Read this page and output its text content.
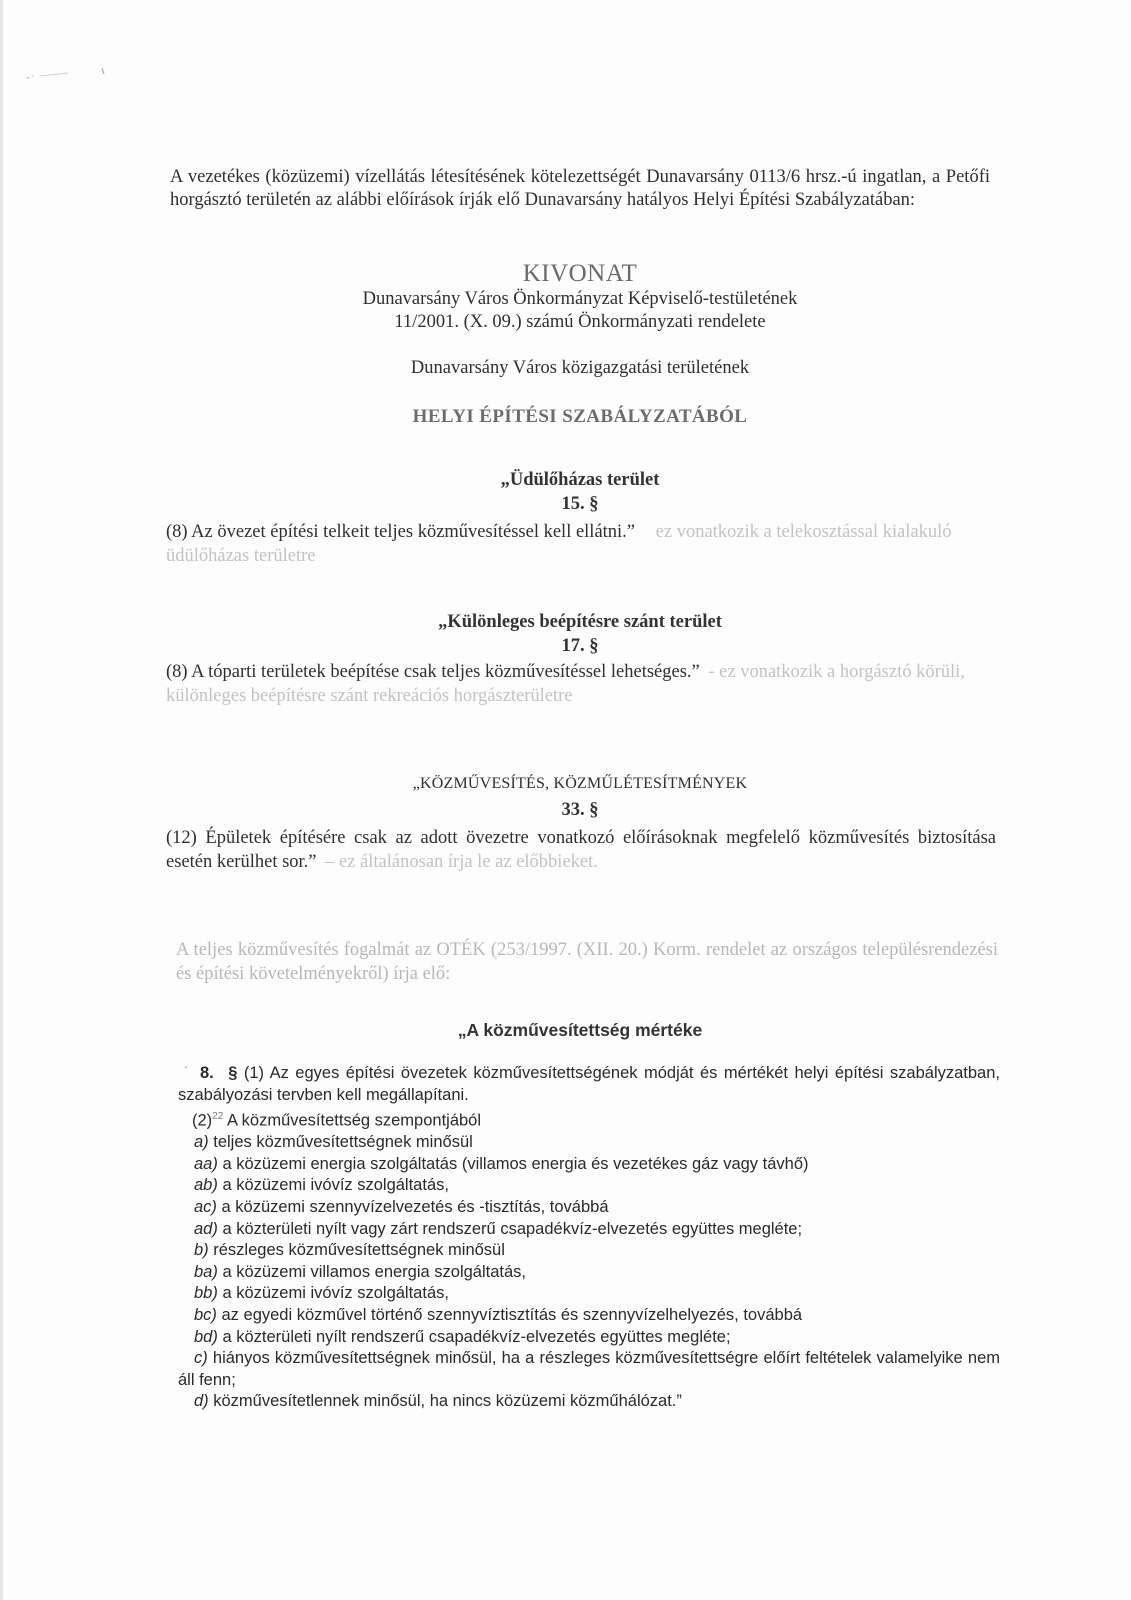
A vezetékes (közüzemi) vízellátás létesítésének kötelezettségét Dunavarsány 0113/6 hrsz.-ú ingatlan, a Petőfi horgásztó területén az alábbi előírások írják elő Dunavarsány hatályos Helyi Építési Szabályzatában:
KIVONAT
Dunavarsány Város Önkormányzat Képviselő-testületének
11/2001. (X. 09.) számú Önkormányzati rendelete
Dunavarsány Város közigazgatási területének
HELYI ÉPÍTÉSI SZABÁLYZATÁBÓL
„Üdülőházas terület
15. §
(8) Az övezet építési telkeit teljes közművesítéssel kell ellátni.” ez vonatkozik a telekosztással kialakuló üdülőházas területre
„Különleges beépítésre szánt terület
17. §
(8) A tóparti területek beépítése csak teljes közművesítéssel lehetséges.” - ez vonatkozik a horgásztó körüli, különleges beépítésre szánt rekreációs horgászterületre
„KÖZMŰVESÍTÉS, KÖZMŰLÉTESÍTMÉNYEK
33. §
(12) Épületek építésére csak az adott övezetre vonatkozó előírásoknak megfelelő közművesítés biztosítása esetén kerülhet sor.” – ez általánosan írja le az előbbieket.
A teljes közművesítés fogalmát az OTÉK (253/1997. (XII. 20.) Korm. rendelet az országos településrendezési és építési követelményekről) írja elő:
„A közművesítettség mértéke
· 8. § (1) Az egyes építési övezetek közművesítettségének módját és mértékét helyi építési szabályzatban, szabályozási tervben kell megállapítani.
$(2)^{22}$ A közművesítettség szempontjából
a) teljes közművesítettségnek minősül
aa) a közüzemi energia szolgáltatás (villamos energia és vezetékes gáz vagy távhő)
ab) a közüzemi ivóvíz szolgáltatás,
ac) a közüzemi szennyvízelvezetés és -tisztítás, továbbá
ad) a közterületi nyílt vagy zárt rendszerű csapadékvíz-elvezetés együttes megléte;
b) részleges közművesítettségnek minősül
ba) a közüzemi villamos energia szolgáltatás,
bb) a közüzemi ivóvíz szolgáltatás,
bc) az egyedi közművel történő szennyvíztisztítás és szennyvízelhelyezés, továbbá
bd) a közterületi nyílt rendszerű csapadékvíz-elvezetés együttes megléte;
c) hiányos közművesítettségnek minősül, ha a részleges közművesítettségre előírt feltételek valamelyike nem áll fenn;
d) közművesítetlennek minősül, ha nincs közüzemi közműhálózat.”
